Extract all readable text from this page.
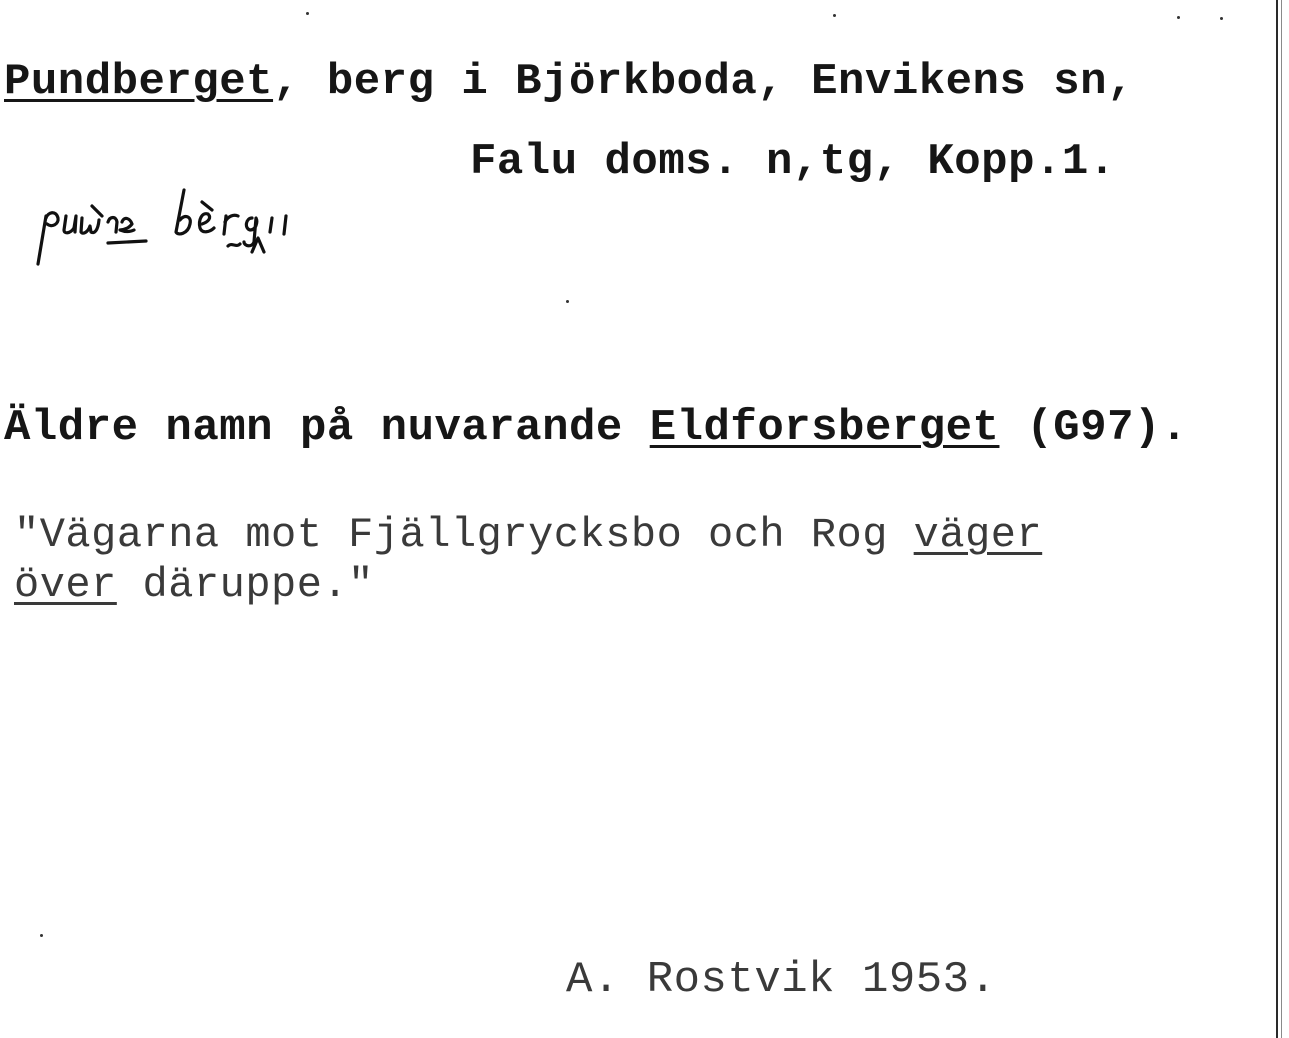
Pundberget, berg i Björkboda, Envikens sn,
Falu doms. n,tg, Kopp.1.
Äldre namn på nuvarande Eldforsberget (G97).
"Vägarna mot Fjällgrycksbo och Rog väger
över däruppe."
A. Rostvik 1953.
